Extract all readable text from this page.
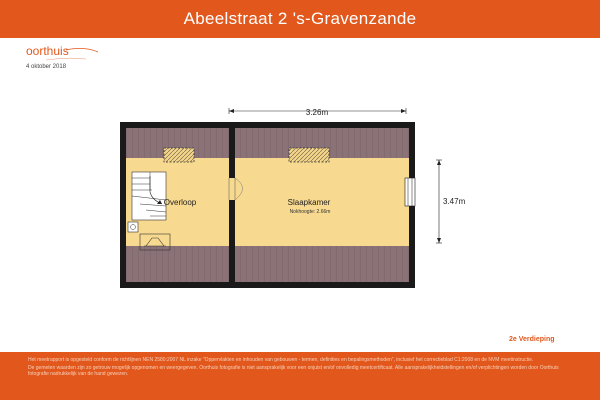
Abeelstraat 2 's-Gravenzande
oorthuis
4 oktober 2018
3.26m
3.47m
Overloop	Slaapkamer
Nokhoogte: 2.66m
2e Verdieping

Het meetrapport is opgesteld conform de richtlijnen NEN 2580:2007 NL inzake "Oppervlakten en inhouden van gebouwen - termen, definities en bepalingsmethoden", inclusief het correctieblad C1:2008 en de NVM meetinstructie.

De gemeten waarden zijn zo getrouw mogelijk opgenomen en weergegeven. Oorthuis fotografie is niet aansprakelijk voor een onjuist en/of onvolledig meetcertificaat. Alle aansprakelijkheidstellingen en/of verplichtingen worden door Oorthuis fotografie nadrukkelijk van de hand gewezen.
